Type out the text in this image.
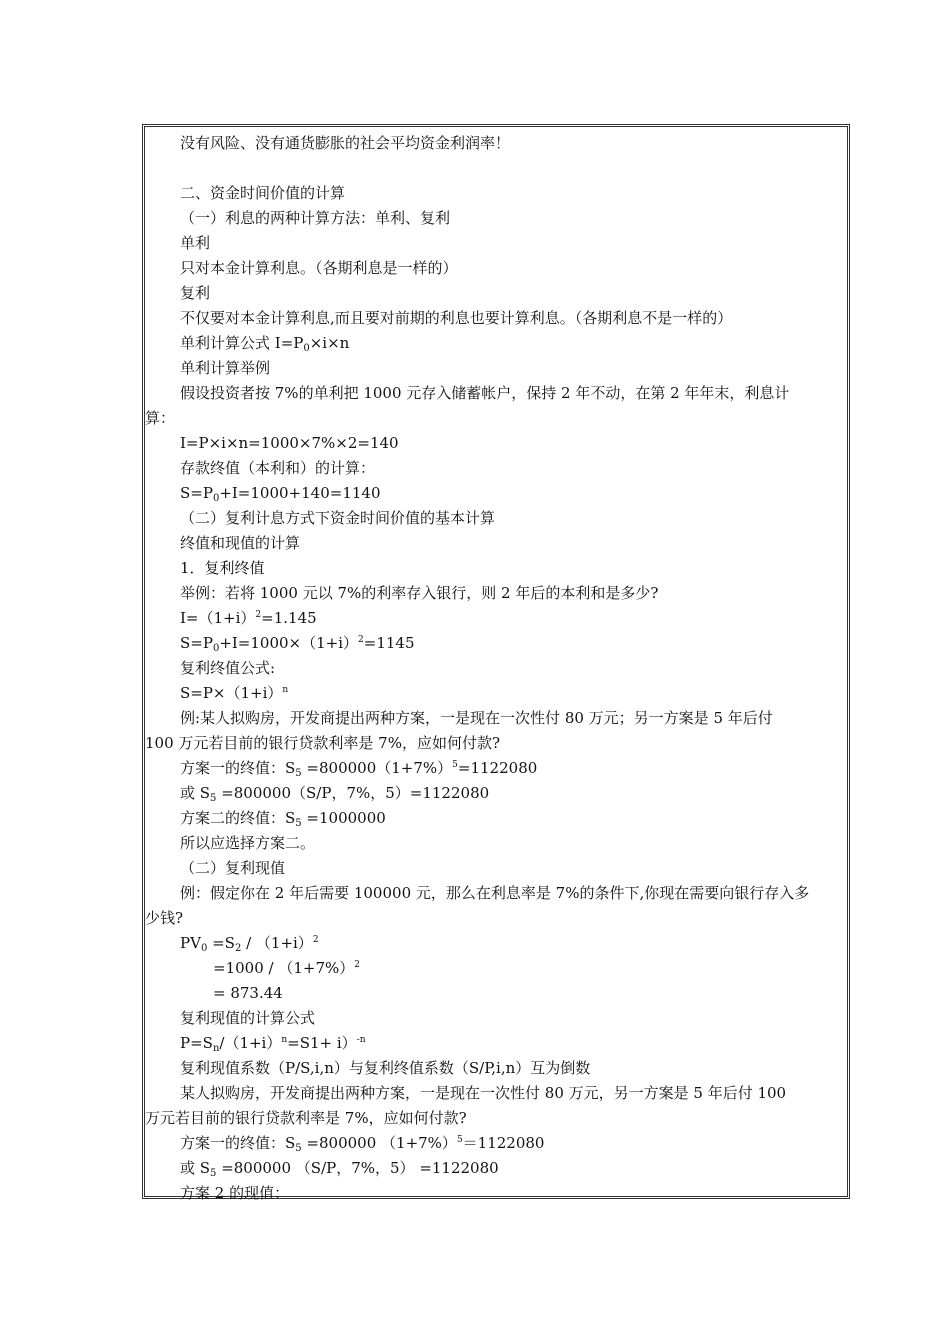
没有风险、没有通货膨胀的社会平均资金利润率！
二、资金时间价值的计算
（一）利息的两种计算方法：单利、复利
单利
只对本金计算利息。（各期利息是一样的）
复利
不仅要对本金计算利息,而且要对前期的利息也要计算利息。（各期利息不是一样的）
单利计算公式 $I=P_0\times i\times n$
单利计算举例
假设投资者按 7%的单利把 1000 元存入储蓄帐户，保持 2 年不动，在第 2 年年末，利息计
算：
I=P×i×n=1000×7%×2=140
存款终值（本利和）的计算：
$S=P_0+I=1000+140=1140$
（二）复利计息方式下资金时间价值的基本计算
终值和现值的计算
1．复利终值
举例：若将 1000 元以 7%的利率存入银行，则 2 年后的本利和是多少?
$I=(1+i)^2=1.145$
$S=P_0+I=1000\times(1+i)^2=1145$
复利终值公式:
$S=P\times(1+i)^n$
例:某人拟购房，开发商提出两种方案，一是现在一次性付 80 万元；另一方案是 5 年后付
100 万元若目前的银行贷款利率是 7%，应如何付款?
方案一的终值：$S_5 =800000(1+7\%)^5=1122080$
或 $S_5 =800000(S/P$，7%，5）=1122080
方案二的终值：$S_5 =1000000$
所以应选择方案二。
（二）复利现值
例：假定你在 2 年后需要 100000 元，那么在利息率是 7%的条件下,你现在需要向银行存入多
少钱?
$PV_0 =S_2 / (1+i)^2$
$=1000 / (1+7\%)^2$
= 873.44
复利现值的计算公式
$P=S_n/(1+i)^n=S1+ i)^{-n}$
复利现值系数（P/S,i,n）与复利终值系数（S/P,i,n）互为倒数
某人拟购房，开发商提出两种方案，一是现在一次性付 80 万元，另一方案是 5 年后付 100
万元若目前的银行贷款利率是 7%，应如何付款?
方案一的终值：$S_5 =800000$ $(1+7\%)^5=1122080$
或 $S_5 =800000$ （S/P，7%，5） =1122080
方案 2 的现值：
